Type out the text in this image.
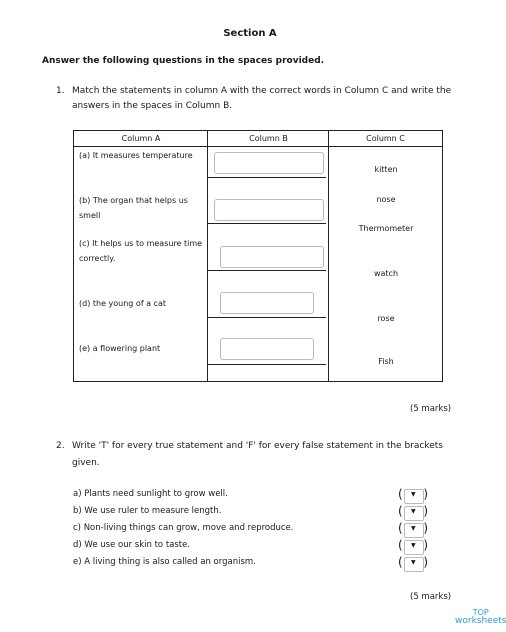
Section A
Answer the following questions in the spaces provided.
1. Match the statements in column A with the correct words in Column C and write the answers in the spaces in Column B.
Column A	Column B	Column C
(a) It measures temperature
(b) The organ that helps us smell
(c) It helps us to measure time correctly.
(d) the young of a cat
(e) a flowering plant
kitten
nose
Thermometer
watch
rose
Fish
(5 marks)
2. Write 'T' for every true statement and 'F' for every false statement in the brackets given.
a) Plants need sunlight to grow well.
b) We use ruler to measure length.
c) Non-living things can grow, move and reproduce.
d) We use our skin to taste.
e) A living thing is also called an organism.
( ▼ )
( ▼ )
( ▼ )
( ▼ )
( ▼ )
(5 marks)
TOP
worksheets
